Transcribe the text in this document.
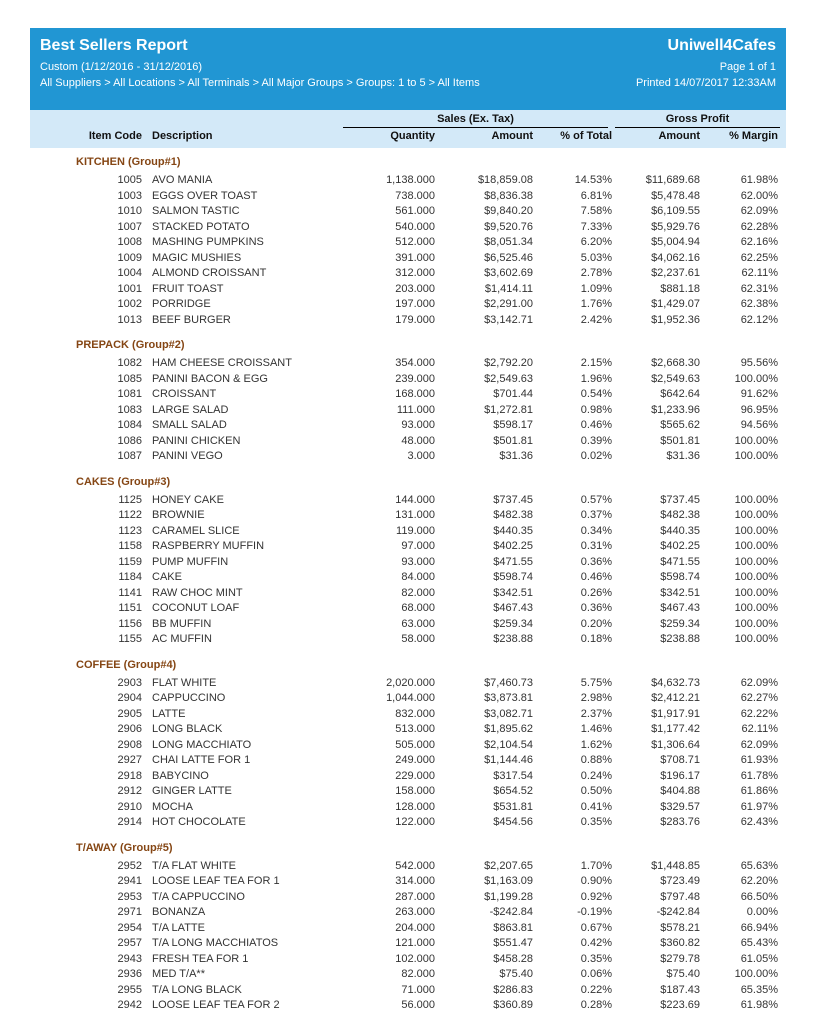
Best Sellers Report
Custom (1/12/2016 - 31/12/2016)
All Suppliers > All Locations > All Terminals > All Major Groups > Groups: 1 to 5 > All Items
Uniwell4Cafes
Page 1 of 1
Printed 14/07/2017 12:33AM
Sales (Ex. Tax)	Gross Profit
Item Code Description	Quantity	Amount	% of Total	Amount	% Margin
KITCHEN (Group#1)
1005 AVO MANIA	1,138.000	$18,859.08	14.53%	$11,689.68	61.98%
1003 EGGS OVER TOAST	738.000	$8,836.38	6.81%	$5,478.48	62.00%
1010 SALMON TASTIC	561.000	$9,840.20	7.58%	$6,109.55	62.09%
1007 STACKED POTATO	540.000	$9,520.76	7.33%	$5,929.76	62.28%
1008 MASHING PUMPKINS	512.000	$8,051.34	6.20%	$5,004.94	62.16%
1009 MAGIC MUSHIES	391.000	$6,525.46	5.03%	$4,062.16	62.25%
1004 ALMOND CROISSANT	312.000	$3,602.69	2.78%	$2,237.61	62.11%
1001 FRUIT TOAST	203.000	$1,414.11	1.09%	$881.18	62.31%
1002 PORRIDGE	197.000	$2,291.00	1.76%	$1,429.07	62.38%
1013 BEEF BURGER	179.000	$3,142.71	2.42%	$1,952.36	62.12%
PREPACK (Group#2)
1082 HAM CHEESE CROISSANT	354.000	$2,792.20	2.15%	$2,668.30	95.56%
1085 PANINI BACON & EGG	239.000	$2,549.63	1.96%	$2,549.63	100.00%
1081 CROISSANT	168.000	$701.44	0.54%	$642.64	91.62%
1083 LARGE SALAD	111.000	$1,272.81	0.98%	$1,233.96	96.95%
1084 SMALL SALAD	93.000	$598.17	0.46%	$565.62	94.56%
1086 PANINI CHICKEN	48.000	$501.81	0.39%	$501.81	100.00%
1087 PANINI VEGO	3.000	$31.36	0.02%	$31.36	100.00%
CAKES (Group#3)
1125 HONEY CAKE	144.000	$737.45	0.57%	$737.45	100.00%
1122 BROWNIE	131.000	$482.38	0.37%	$482.38	100.00%
1123 CARAMEL SLICE	119.000	$440.35	0.34%	$440.35	100.00%
1158 RASPBERRY MUFFIN	97.000	$402.25	0.31%	$402.25	100.00%
1159 PUMP MUFFIN	93.000	$471.55	0.36%	$471.55	100.00%
1184 CAKE	84.000	$598.74	0.46%	$598.74	100.00%
1141 RAW CHOC MINT	82.000	$342.51	0.26%	$342.51	100.00%
1151 COCONUT LOAF	68.000	$467.43	0.36%	$467.43	100.00%
1156 BB MUFFIN	63.000	$259.34	0.20%	$259.34	100.00%
1155 AC MUFFIN	58.000	$238.88	0.18%	$238.88	100.00%
COFFEE (Group#4)
2903 FLAT WHITE	2,020.000	$7,460.73	5.75%	$4,632.73	62.09%
2904 CAPPUCCINO	1,044.000	$3,873.81	2.98%	$2,412.21	62.27%
2905 LATTE	832.000	$3,082.71	2.37%	$1,917.91	62.22%
2906 LONG BLACK	513.000	$1,895.62	1.46%	$1,177.42	62.11%
2908 LONG MACCHIATO	505.000	$2,104.54	1.62%	$1,306.64	62.09%
2927 CHAI LATTE FOR 1	249.000	$1,144.46	0.88%	$708.71	61.93%
2918 BABYCINO	229.000	$317.54	0.24%	$196.17	61.78%
2912 GINGER LATTE	158.000	$654.52	0.50%	$404.88	61.86%
2910 MOCHA	128.000	$531.81	0.41%	$329.57	61.97%
2914 HOT CHOCOLATE	122.000	$454.56	0.35%	$283.76	62.43%
T/AWAY (Group#5)
2952 T/A FLAT WHITE	542.000	$2,207.65	1.70%	$1,448.85	65.63%
2941 LOOSE LEAF TEA FOR 1	314.000	$1,163.09	0.90%	$723.49	62.20%
2953 T/A CAPPUCCINO	287.000	$1,199.28	0.92%	$797.48	66.50%
2971 BONANZA	263.000	-$242.84	-0.19%	-$242.84	0.00%
2954 T/A LATTE	204.000	$863.81	0.67%	$578.21	66.94%
2957 T/A LONG MACCHIATOS	121.000	$551.47	0.42%	$360.82	65.43%
2943 FRESH TEA FOR 1	102.000	$458.28	0.35%	$279.78	61.05%
2936 MED T/A**	82.000	$75.40	0.06%	$75.40	100.00%
2955 T/A LONG BLACK	71.000	$286.83	0.22%	$187.43	65.35%
2942 LOOSE LEAF TEA FOR 2	56.000	$360.89	0.28%	$223.69	61.98%
